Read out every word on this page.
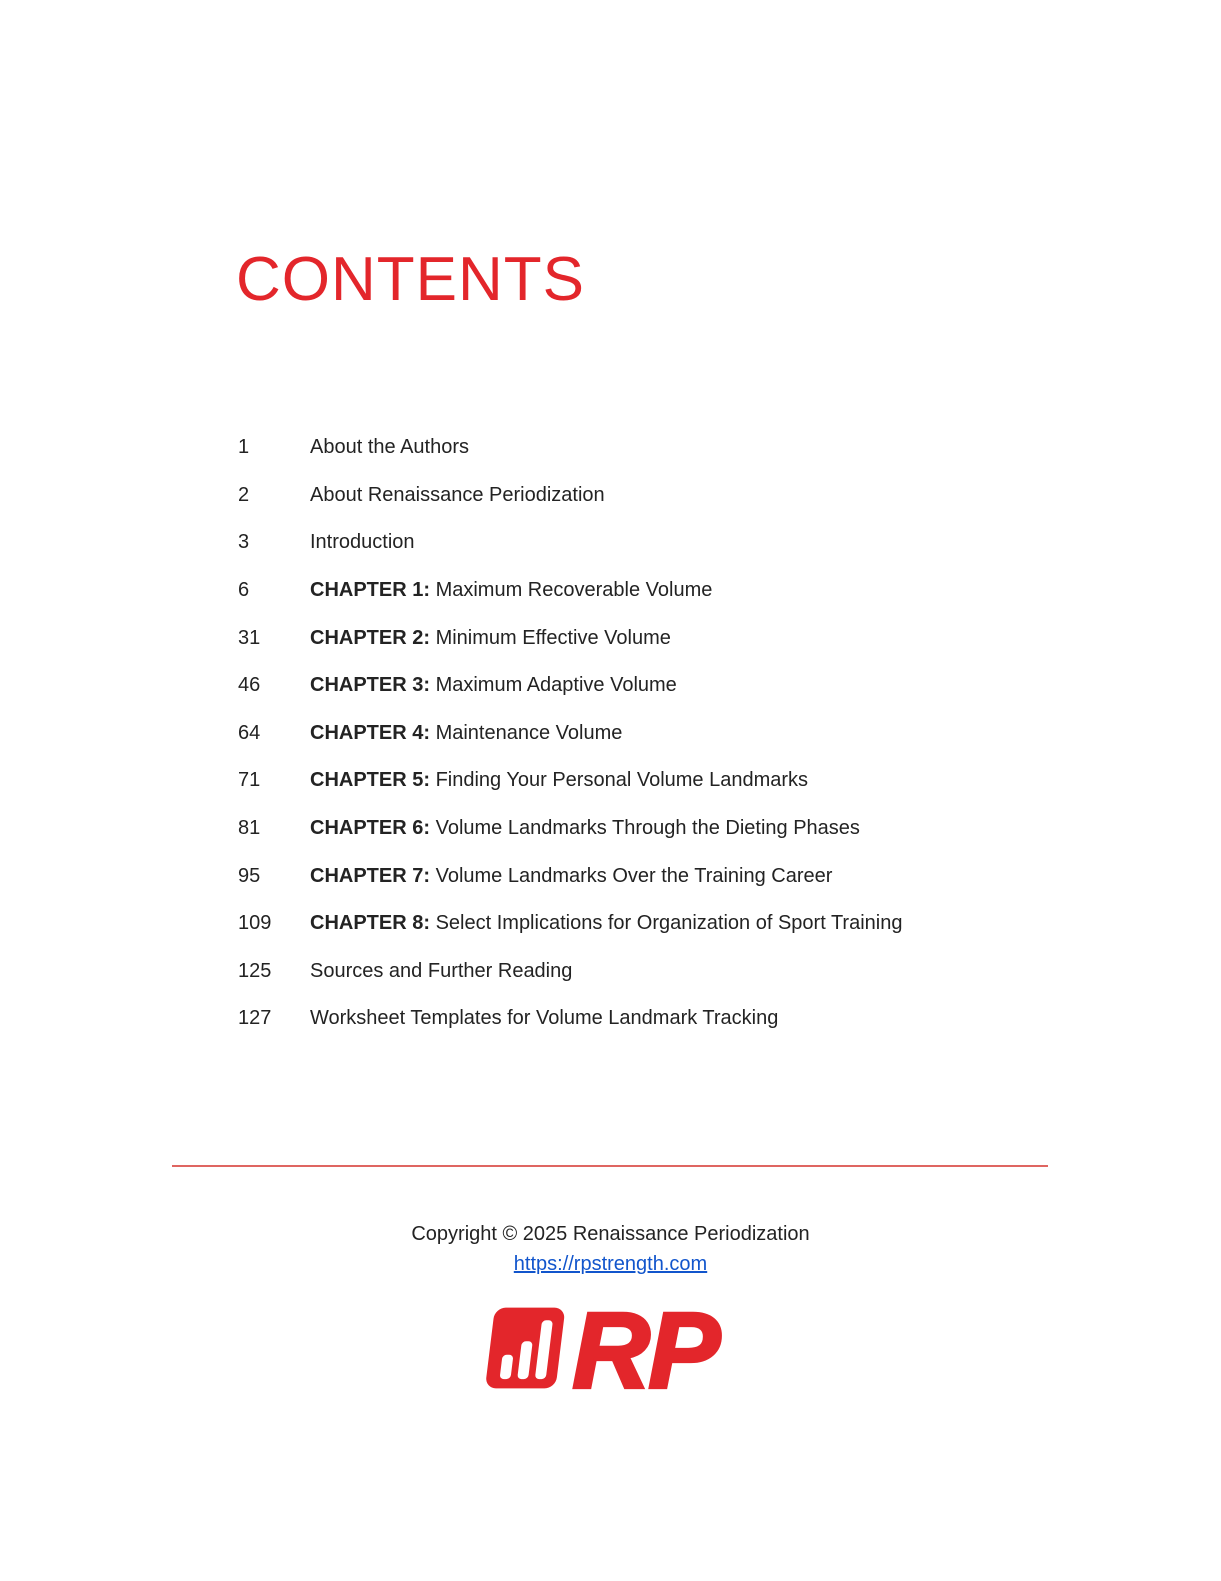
CONTENTS
1	About the Authors
2	About Renaissance Periodization
3	Introduction
6	CHAPTER 1: Maximum Recoverable Volume
31	CHAPTER 2: Minimum Effective Volume
46	CHAPTER 3: Maximum Adaptive Volume
64	CHAPTER 4: Maintenance Volume
71	CHAPTER 5: Finding Your Personal Volume Landmarks
81	CHAPTER 6: Volume Landmarks Through the Dieting Phases
95	CHAPTER 7: Volume Landmarks Over the Training Career
109	CHAPTER 8: Select Implications for Organization of Sport Training
125	Sources and Further Reading
127	Worksheet Templates for Volume Landmark Tracking
Copyright © 2025 Renaissance Periodization
https://rpstrength.com
RP
